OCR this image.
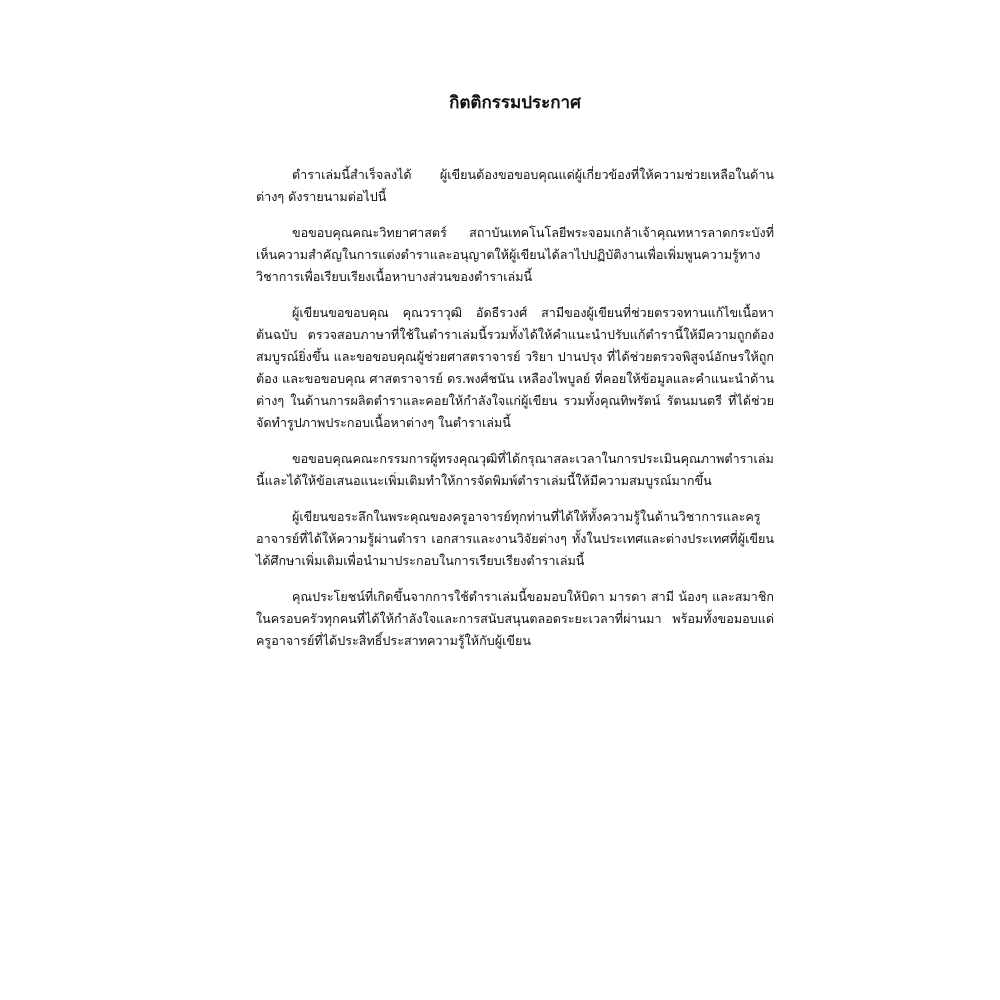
กิตติกรรมประกาศ

ตำราเล่มนี้สำเร็จลงได้ ผู้เขียนต้องขอขอบคุณแด่ผู้เกี่ยวข้องที่ให้ความช่วยเหลือในด้านต่างๆ ดังรายนามต่อไปนี้

ขอขอบคุณคณะวิทยาศาสตร์ สถาบันเทคโนโลยีพระจอมเกล้าเจ้าคุณทหารลาดกระบังที่เห็นความสำคัญในการแต่งตำราและอนุญาตให้ผู้เขียนได้ลาไปปฏิบัติงานเพื่อเพิ่มพูนความรู้ทางวิชาการเพื่อเรียบเรียงเนื้อหาบางส่วนของตำราเล่มนี้

ผู้เขียนขอขอบคุณ คุณวราวุฒิ อัดธีรวงศ์ สามีของผู้เขียนที่ช่วยตรวจทานแก้ไขเนื้อหาต้นฉบับ ตรวจสอบภาษาที่ใช้ในตำราเล่มนี้รวมทั้งได้ให้คำแนะนำปรับแก้ตำรานี้ให้มีความถูกต้องสมบูรณ์ยิ่งขึ้น และขอขอบคุณผู้ช่วยศาสตราจารย์ วริยา ปานปรุง ที่ได้ช่วยตรวจพิสูจน์อักษรให้ถูกต้อง และขอขอบคุณ ศาสตราจารย์ ดร.พงศ์ชนัน เหลืองไพบูลย์ ที่คอยให้ข้อมูลและคำแนะนำด้านต่างๆ ในด้านการผลิตตำราและคอยให้กำลังใจแก่ผู้เขียน รวมทั้งคุณทิพรัตน์ รัตนมนตรี ที่ได้ช่วยจัดทำรูปภาพประกอบเนื้อหาต่างๆ ในตำราเล่มนี้

ขอขอบคุณคณะกรรมการผู้ทรงคุณวุฒิที่ได้กรุณาสละเวลาในการประเมินคุณภาพตำราเล่มนี้และได้ให้ข้อเสนอแนะเพิ่มเติมทำให้การจัดพิมพ์ตำราเล่มนี้ให้มีความสมบูรณ์มากขึ้น

ผู้เขียนขอระลึกในพระคุณของครูอาจารย์ทุกท่านที่ได้ให้ทั้งความรู้ในด้านวิชาการและครูอาจารย์ที่ได้ให้ความรู้ผ่านตำรา เอกสารและงานวิจัยต่างๆ ทั้งในประเทศและต่างประเทศที่ผู้เขียนได้ศึกษาเพิ่มเติมเพื่อนำมาประกอบในการเรียบเรียงตำราเล่มนี้

คุณประโยชน์ที่เกิดขึ้นจากการใช้ตำราเล่มนี้ขอมอบให้บิดา มารดา สามี น้องๆ และสมาชิกในครอบครัวทุกคนที่ได้ให้กำลังใจและการสนับสนุนตลอดระยะเวลาที่ผ่านมา พร้อมทั้งขอมอบแด่ครูอาจารย์ที่ได้ประสิทธิ์ประสาทความรู้ให้กับผู้เขียน
